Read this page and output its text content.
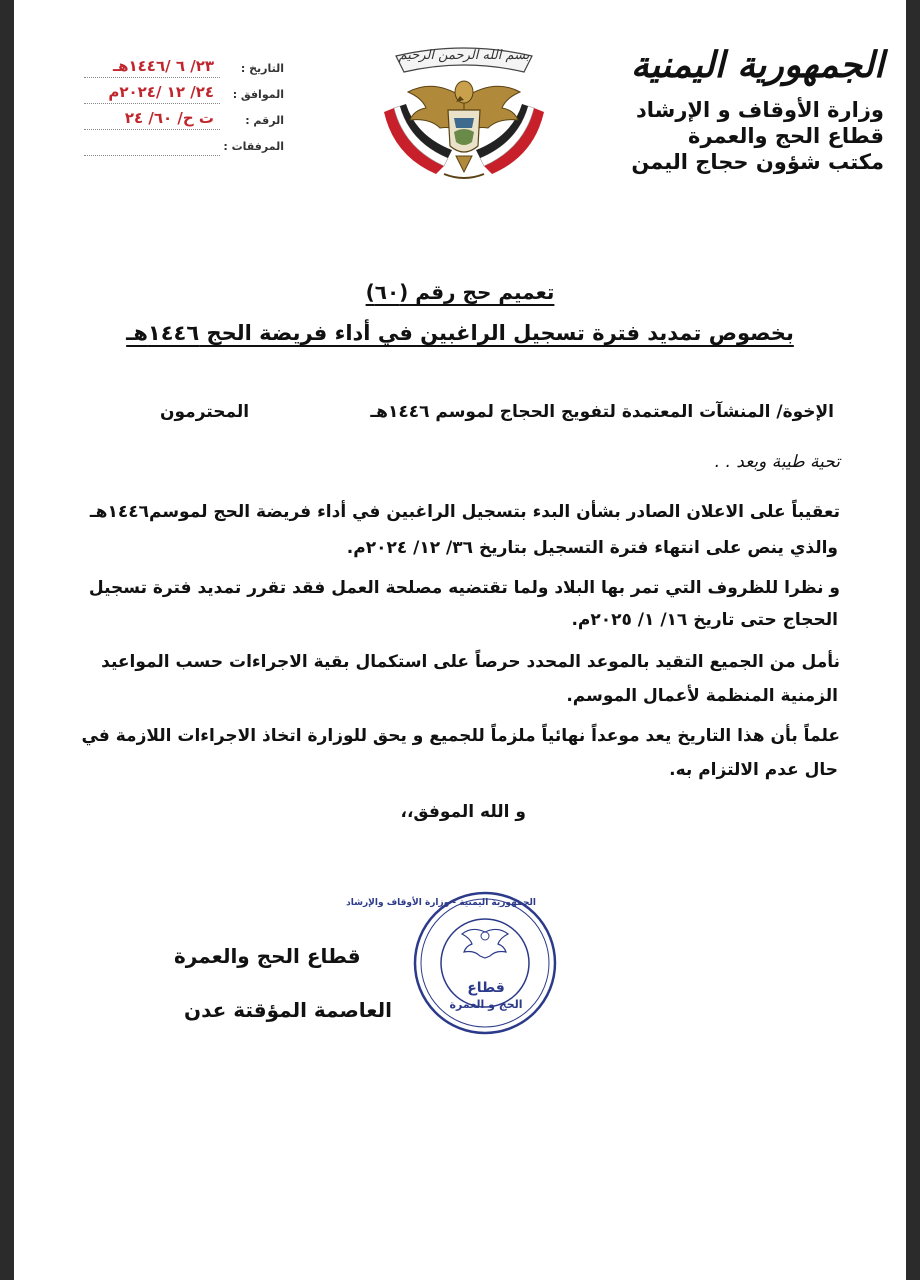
الجمهورية اليمنية
وزارة الأوقاف و الإرشاد
قطاع الحج والعمرة
مكتب شؤون حجاج اليمن
التاريخ :
٢٣/ ٦ /١٤٤٦هـ
الموافق :
٢٤/ ١٢ /٢٠٢٤م
الرقم :
ت ح/ ٦٠/ ٢٤
المرفقات :
بسم الله الرحمن الرحيم
تعميم حج رقم (٦٠)
بخصوص تمديد فترة تسجيل الراغبين في أداء فريضة الحج ١٤٤٦هـ
الإخوة/ المنشآت المعتمدة لتفويج الحجاج لموسم ١٤٤٦هـ
المحترمون
تحية طيبة وبعد . .
تعقيباً على الاعلان الصادر بشأن البدء بتسجيل الراغبين في أداء فريضة الحج لموسم١٤٤٦هـ
والذي ينص على انتهاء فترة التسجيل بتاريخ ٣٦/ ١٢/ ٢٠٢٤م.
و نظرا للظروف التي تمر بها البلاد ولما تقتضيه مصلحة العمل فقد تقرر تمديد فترة تسجيل
الحجاج حتى تاريخ ١٦/ ١/ ٢٠٢٥م.
نأمل من الجميع التقيد بالموعد المحدد حرصاً على استكمال بقية الاجراءات حسب المواعيد
الزمنية المنظمة لأعمال الموسم.
علماً بأن هذا التاريخ يعد موعداً نهائياً ملزماً للجميع و يحق للوزارة اتخاذ الاجراءات اللازمة في
حال عدم الالتزام به.
و الله الموفق،،
الجمهورية اليمنية - وزارة الأوقاف والإرشاد
قطاع
الحج و العمرة
قطاع الحج والعمرة
العاصمة المؤقتة عدن
